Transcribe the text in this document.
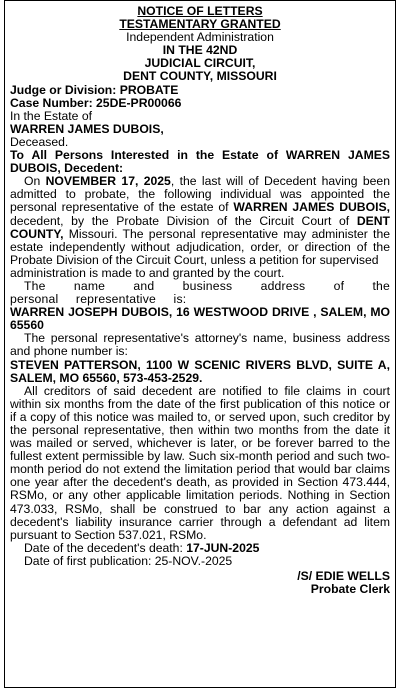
NOTICE OF LETTERS

TESTAMENTARY GRANTED

Independent Administration

IN THE 42ND

JUDICIAL CIRCUIT,

DENT COUNTY, MISSOURI

Judge or Division: PROBATE

Case Number: 25DE-PR00066

In the Estate of

WARREN JAMES DUBOIS,

Deceased.

To All Persons Interested in the Estate of WARREN JAMES DUBOIS, Decedent:

On NOVEMBER 17, 2025, the last will of Decedent having been admitted to probate, the following individual was appointed the personal representative of the estate of WARREN JAMES DUBOIS, decedent, by the Probate Division of the Circuit Court of DENT COUNTY, Missouri. The personal representative may administer the estate independently without adjudication, order, or direction of the Probate Division of the Circuit Court, unless a petition for supervised

administration is made to and granted by the court.

The name and business address of the personal representative is:

WARREN JOSEPH DUBOIS, 16 WESTWOOD DRIVE , SALEM, MO 65560

The personal representative's attorney's name, business address and phone number is:

STEVEN PATTERSON, 1100 W SCENIC RIVERS BLVD, SUITE A, SALEM, MO 65560, 573-453-2529.

All creditors of said decedent are notified to file claims in court within six months from the date of the first publication of this notice or if a copy of this notice was mailed to, or served upon, such creditor by the personal representative, then within two months from the date it was mailed or served, whichever is later, or be forever barred to the fullest extent permissible by law. Such six-month period and such two-month period do not extend the limitation period that would bar claims one year after the decedent's death, as provided in Section 473.444, RSMo, or any other applicable limitation periods. Nothing in Section 473.033, RSMo, shall be construed to bar any action against a decedent's liability insurance carrier through a defendant ad litem pursuant to Section 537.021, RSMo.

Date of the decedent's death: 17-JUN-2025

Date of first publication: 25-NOV.-2025

/S/ EDIE WELLS

Probate Clerk
